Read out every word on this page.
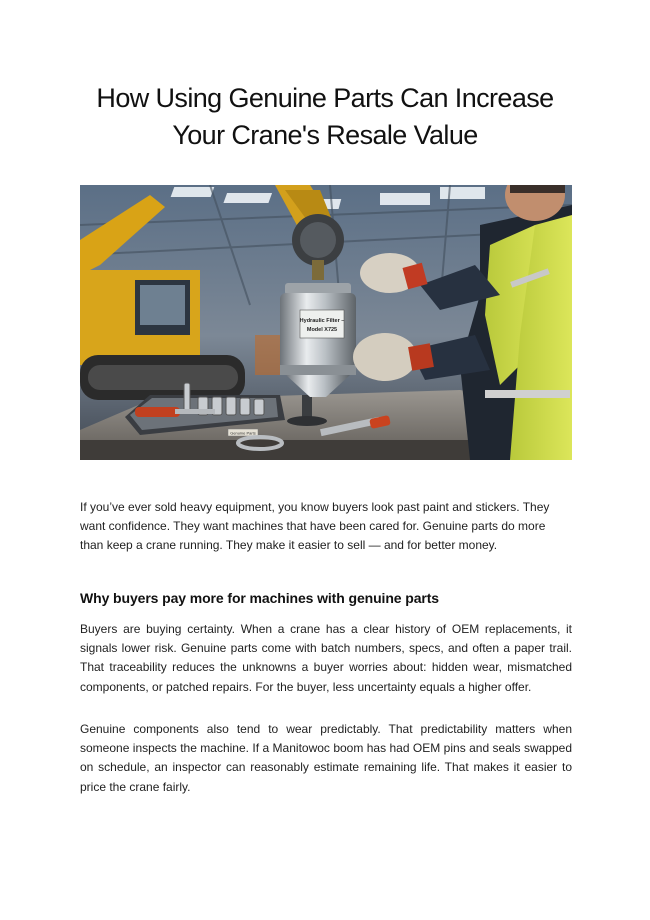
How Using Genuine Parts Can Increase
Your Crane's Resale Value
Genuine Parts
Hydraulic Filter –
Model X725

If you’ve ever sold heavy equipment, you know buyers look past paint and stickers. They want confidence. They want machines that have been cared for. Genuine parts do more than keep a crane running. They make it easier to sell — and for better money.

Why buyers pay more for machines with genuine parts

Buyers are buying certainty. When a crane has a clear history of OEM replacements, it signals lower risk. Genuine parts come with batch numbers, specs, and often a paper trail. That traceability reduces the unknowns a buyer worries about: hidden wear, mismatched components, or patched repairs. For the buyer, less uncertainty equals a higher offer.

Genuine components also tend to wear predictably. That predictability matters when someone inspects the machine. If a Manitowoc boom has had OEM pins and seals swapped on schedule, an inspector can reasonably estimate remaining life. That makes it easier to price the crane fairly.
